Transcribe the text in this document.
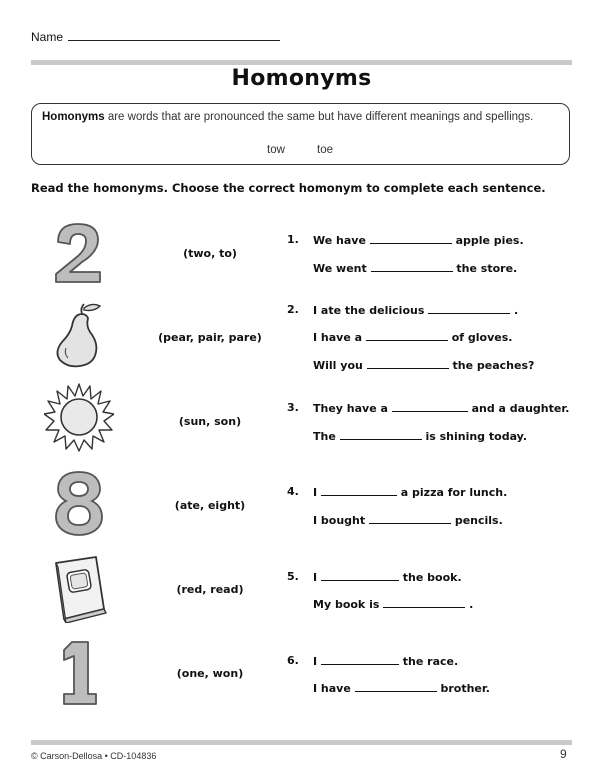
Name
Homonyms
Homonyms are words that are pronounced the same but have different meanings and spellings.
tow	toe
Read the homonyms. Choose the correct homonym to complete each sentence.
(two, to)
1. We have	apple pies.
We went	the store.
(pear, pair, pare)
2. I ate the delicious	.
I have a	of gloves.
Will you	the peaches?
(sun, son)
3. They have a	and a daughter.
The	is shining today.
(ate, eight)
4. I	a pizza for lunch.
I bought	pencils.
(red, read)
5. I	the book.
My book is	.
(one, won)
6. I	the race.
I have	brother.
© Carson-Dellosa • CD-104836	9
